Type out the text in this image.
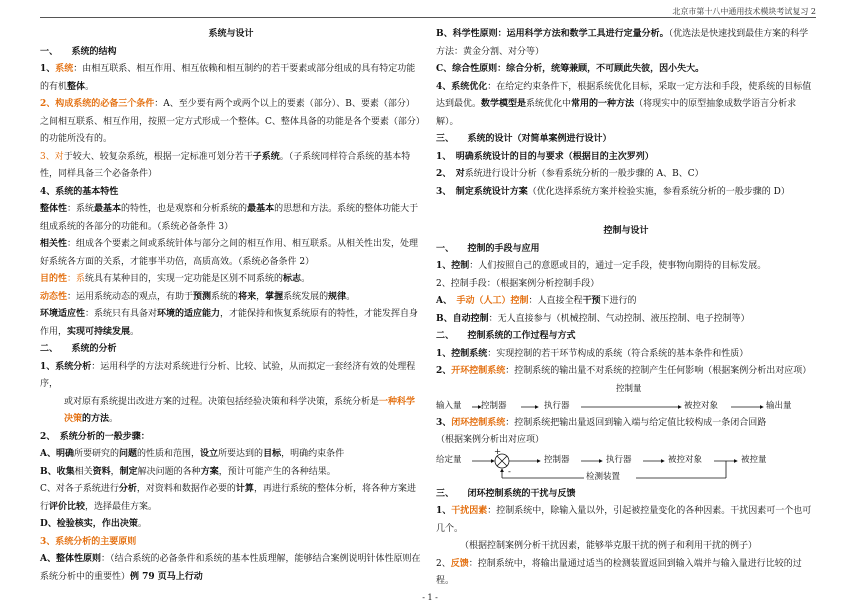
北京市第十八中通用技术模块考试复习 2

系统与设计

一、　　系统的结构

1、系统：由相互联系、相互作用、相互依赖和相互制约的若干要素或部分组成的具有特定功能的有机整体。

2、构成系统的必备三个条件：A、至少要有两个或两个以上的要素（部分）、B、要素（部分）之间相互联系、相互作用，按照一定方式形成一个整体。C、整体具备的功能是各个要素（部分）的功能所没有的。

3、对于较大、较复杂系统，根据一定标准可划分若干子系统。（子系统同样符合系统的基本特性，同样具备三个必备条件）

4、系统的基本特性

整体性：系统最基本的特性，也是观察和分析系统的最基本的思想和方法。系统的整体功能大于组成系统的各部分的功能和。（系统必备条件 3）

相关性：组成各个要素之间或系统针体与部分之间的相互作用、相互联系。从相关性出发，处理好系统各方面的关系，才能事半功倍，高质高效。（系统必备条件 2）

目的性：系统具有某种目的，实现一定功能是区别不同系统的标志。

动态性：运用系统动态的观点，有助于预测系统的将来，掌握系统发展的规律。

环境适应性：系统只有具备对环境的适应能力，才能保持和恢复系统原有的特性，才能发挥自身作用，实现可持续发展。

二、　　系统的分析

1、系统分析：运用科学的方法对系统进行分析、比较、试验，从而拟定一套经济有效的处理程序，

或对原有系统提出改进方案的过程。决策包括经验决策和科学决策，系统分析是一种科学决策的方法。

2、　系统分析的一般步骤：

A、明确所要研究的问题的性质和范围，设立所要达到的目标，明确约束条件

B、收集相关资料，制定解决问题的各种方案，预计可能产生的各种结果。

C、对各子系统进行分析，对资料和数据作必要的计算，再进行系统的整体分析，将各种方案进行评价比较，选择最佳方案。

D、检验核实，作出决策。

3、系统分析的主要原则

A、整体性原则：（结合系统的必备条件和系统的基本性质理解，能够结合案例说明针体性原则在系统分析中的重要性）例 79 页马上行动

B、科学性原则：运用科学方法和数学工具进行定量分析。（优选法是快速找到最佳方案的科学方法：黄金分割、对分等）

C、综合性原则：综合分析，统筹兼顾，不可顾此失彼，因小失大。

4、系统优化：在给定约束条件下，根据系统优化目标，采取一定方法和手段，使系统的目标值达到最优。数学模型是系统优化中常用的一种方法（将现实中的原型抽象成数学语言分析求解）。

三、　　系统的设计（对简单案例进行设计）

1、　明确系统设计的目的与要求（根据目的主次罗列）

2、　对系统进行设计分析（参看系统分析的一般步骤的 A、B、C）

3、　制定系统设计方案（优化选择系统方案并检验实施，参看系统分析的一般步骤的 D）

控制与设计

一、　　控制的手段与应用

1、控制：人们按照自己的意愿或目的，通过一定手段，使事物向期待的目标发展。

2、控制手段：（根据案例分析控制手段）

A、　手动（人工）控制：人直接全程干预下进行的

B、自动控制：无人直接参与（机械控制、气动控制、液压控制、电子控制等）

二、　　控制系统的工作过程与方式

1、控制系统：实现控制的若干环节构成的系统（符合系统的基本条件和性质）

2、开环控制系统：控制系统的输出量不对系统的控制产生任何影响（根据案例分析出对应项）

控制量
输入量 控制器	执行器	被控对象	输出量

3、闭环控制系统：控制系统把输出量返回到输入端与给定值比较构成一条闭合回路

（根据案例分析出对应项）

给定量
+
-
控制器	执行器	被控对象	被控量
检测装置

三、　　闭环控制系统的干扰与反馈

1、干扰因素：控制系统中，除输入量以外，引起被控量变化的各种因素。干扰因素可一个也可几个。

（根据控制案例分析干扰因素，能够举克服干扰的例子和利用干扰的例子）

2、反馈：控制系统中，将输出量通过适当的检测装置返回到输入端并与输入量进行比较的过程。

- 1 -
